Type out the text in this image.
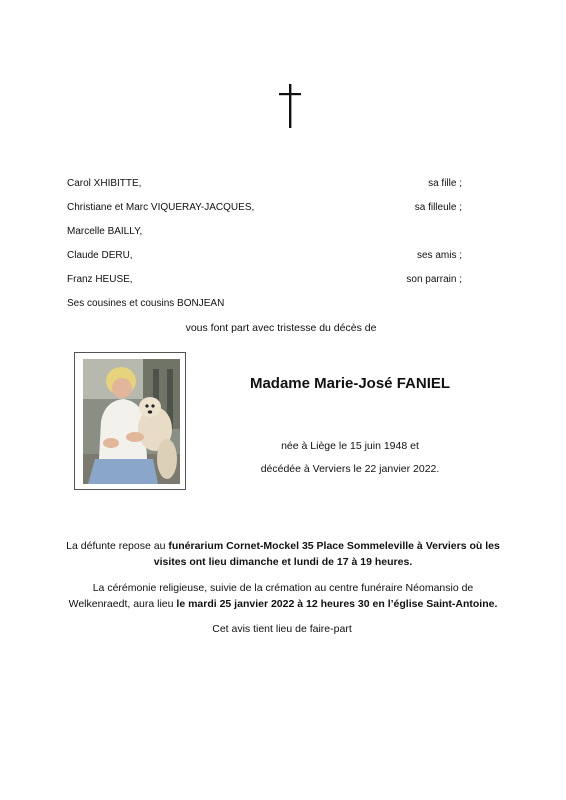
Carol XHIBITTE,	sa fille ;
Christiane et Marc VIQUERAY-JACQUES,	sa filleule ;
Marcelle BAILLY,
Claude DERU,	ses amis ;
Franz HEUSE,	son parrain ;
Ses cousines et cousins BONJEAN
vous font part avec tristesse du décès de
Madame Marie-José FANIEL
née à Liège le 15 juin 1948 et
décédée à Verviers le 22 janvier 2022.
La défunte repose au funérarium Cornet-Mockel 35 Place Sommeleville à Verviers où les
visites ont lieu dimanche et lundi de 17 à 19 heures.
La cérémonie religieuse, suivie de la crémation au centre funéraire Néomansio de
Welkenraedt, aura lieu le mardi 25 janvier 2022 à 12 heures 30 en l’église Saint-Antoine.
Cet avis tient lieu de faire-part
